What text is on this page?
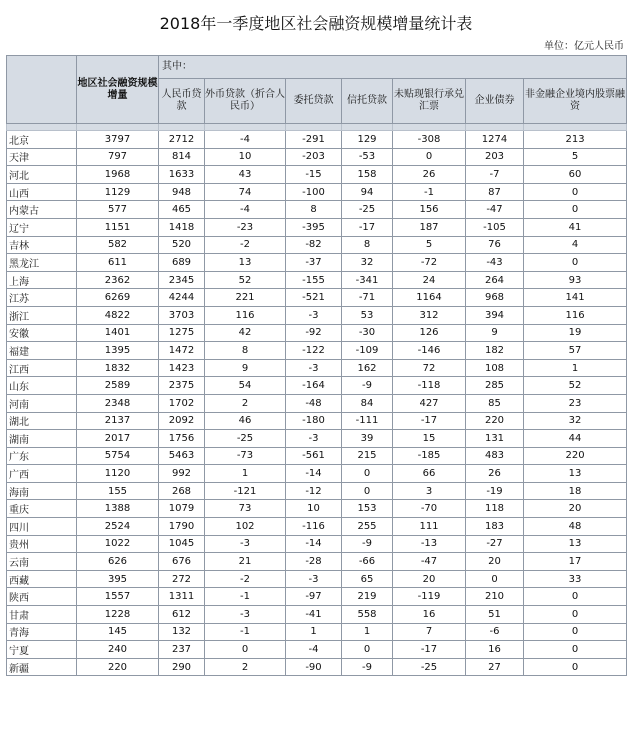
2018年一季度地区社会融资规模增量统计表
单位：亿元人民币
	地区社会融资规模增量	其中：						
		人民币贷款	外币贷款（折合人民币）	委托贷款	信托贷款	未贴现银行承兑汇票	企业债券	非金融企业境内股票融资

北京	3797	2712	-4	-291	129	-308	1274	213
天津	797	814	10	-203	-53	0	203	5
河北	1968	1633	43	-15	158	26	-7	60
山西	1129	948	74	-100	94	-1	87	0
内蒙古	577	465	-4	8	-25	156	-47	0
辽宁	1151	1418	-23	-395	-17	187	-105	41
吉林	582	520	-2	-82	8	5	76	4
黑龙江	611	689	13	-37	32	-72	-43	0
上海	2362	2345	52	-155	-341	24	264	93
江苏	6269	4244	221	-521	-71	1164	968	141
浙江	4822	3703	116	-3	53	312	394	116
安徽	1401	1275	42	-92	-30	126	9	19
福建	1395	1472	8	-122	-109	-146	182	57
江西	1832	1423	9	-3	162	72	108	1
山东	2589	2375	54	-164	-9	-118	285	52
河南	2348	1702	2	-48	84	427	85	23
湖北	2137	2092	46	-180	-111	-17	220	32
湖南	2017	1756	-25	-3	39	15	131	44
广东	5754	5463	-73	-561	215	-185	483	220
广西	1120	992	1	-14	0	66	26	13
海南	155	268	-121	-12	0	3	-19	18
重庆	1388	1079	73	10	153	-70	118	20
四川	2524	1790	102	-116	255	111	183	48
贵州	1022	1045	-3	-14	-9	-13	-27	13
云南	626	676	21	-28	-66	-47	20	17
西藏	395	272	-2	-3	65	20	0	33
陕西	1557	1311	-1	-97	219	-119	210	0
甘肃	1228	612	-3	-41	558	16	51	0
青海	145	132	-1	1	1	7	-6	0
宁夏	240	237	0	-4	0	-17	16	0
新疆	220	290	2	-90	-9	-25	27	0
